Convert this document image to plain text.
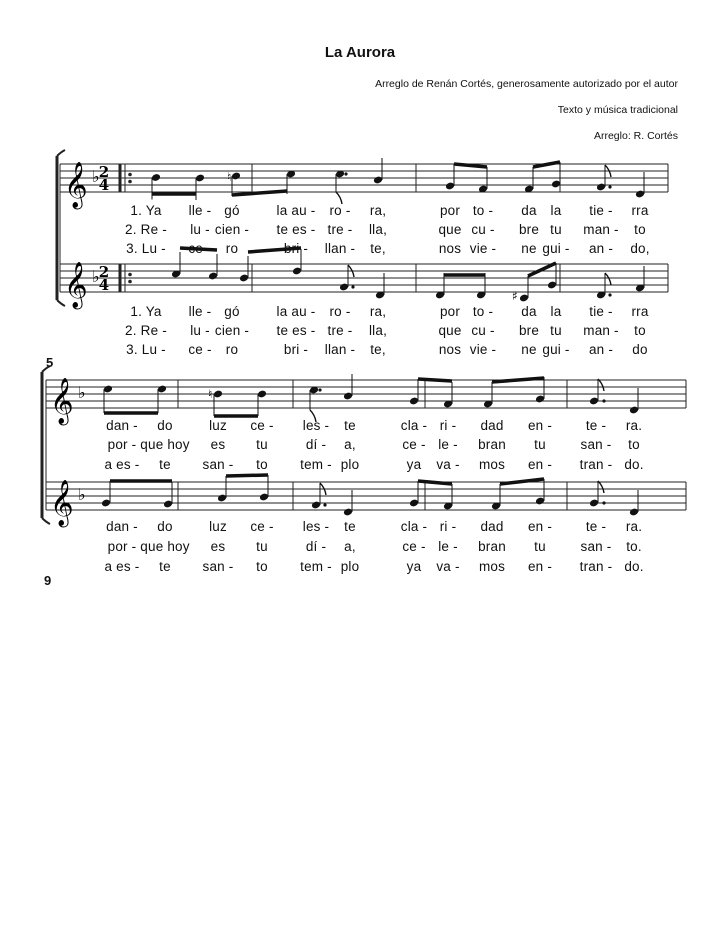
La Aurora
Arreglo de Renán Cortés, generosamente autorizado por el autor
Texto y música tradicional
Arreglo: R. Cortés
𝄞 ♭
𝄞 ♭
𝄞 ♭
𝄞 ♭
♮
♯
♮
2
4
2
4
5
9
1. Ya lle - gó	la au - ro - ra,	por to - da la tie - rra
2. Re - lu - cien - te es - tre - lla,	que cu - bre tu man - to
3. Lu - ce - ro	bri - llan - te,	nos vie - ne gui - an - do,
1. Ya lle - gó	la au - ro - ra,	por to - da la tie - rra
2. Re - lu - cien - te es - tre - lla,	que cu - bre tu man - to
3. Lu - ce - ro	bri - llan - te,	nos vie - ne gui - an - do
dan - do	luz ce - les - te	cla - ri - dad en -	te - ra.
por - que hoy es tu	dí - a,	ce - le - bran tu	san - to
a es - te san - to tem - plo	ya va - mos en - tran - do.
dan - do	luz ce - les - te	cla - ri - dad en -	te - ra.
por - que hoy es tu	dí - a,	ce - le - bran tu	san - to.
a es - te san - to tem - plo	ya va - mos en - tran - do.
